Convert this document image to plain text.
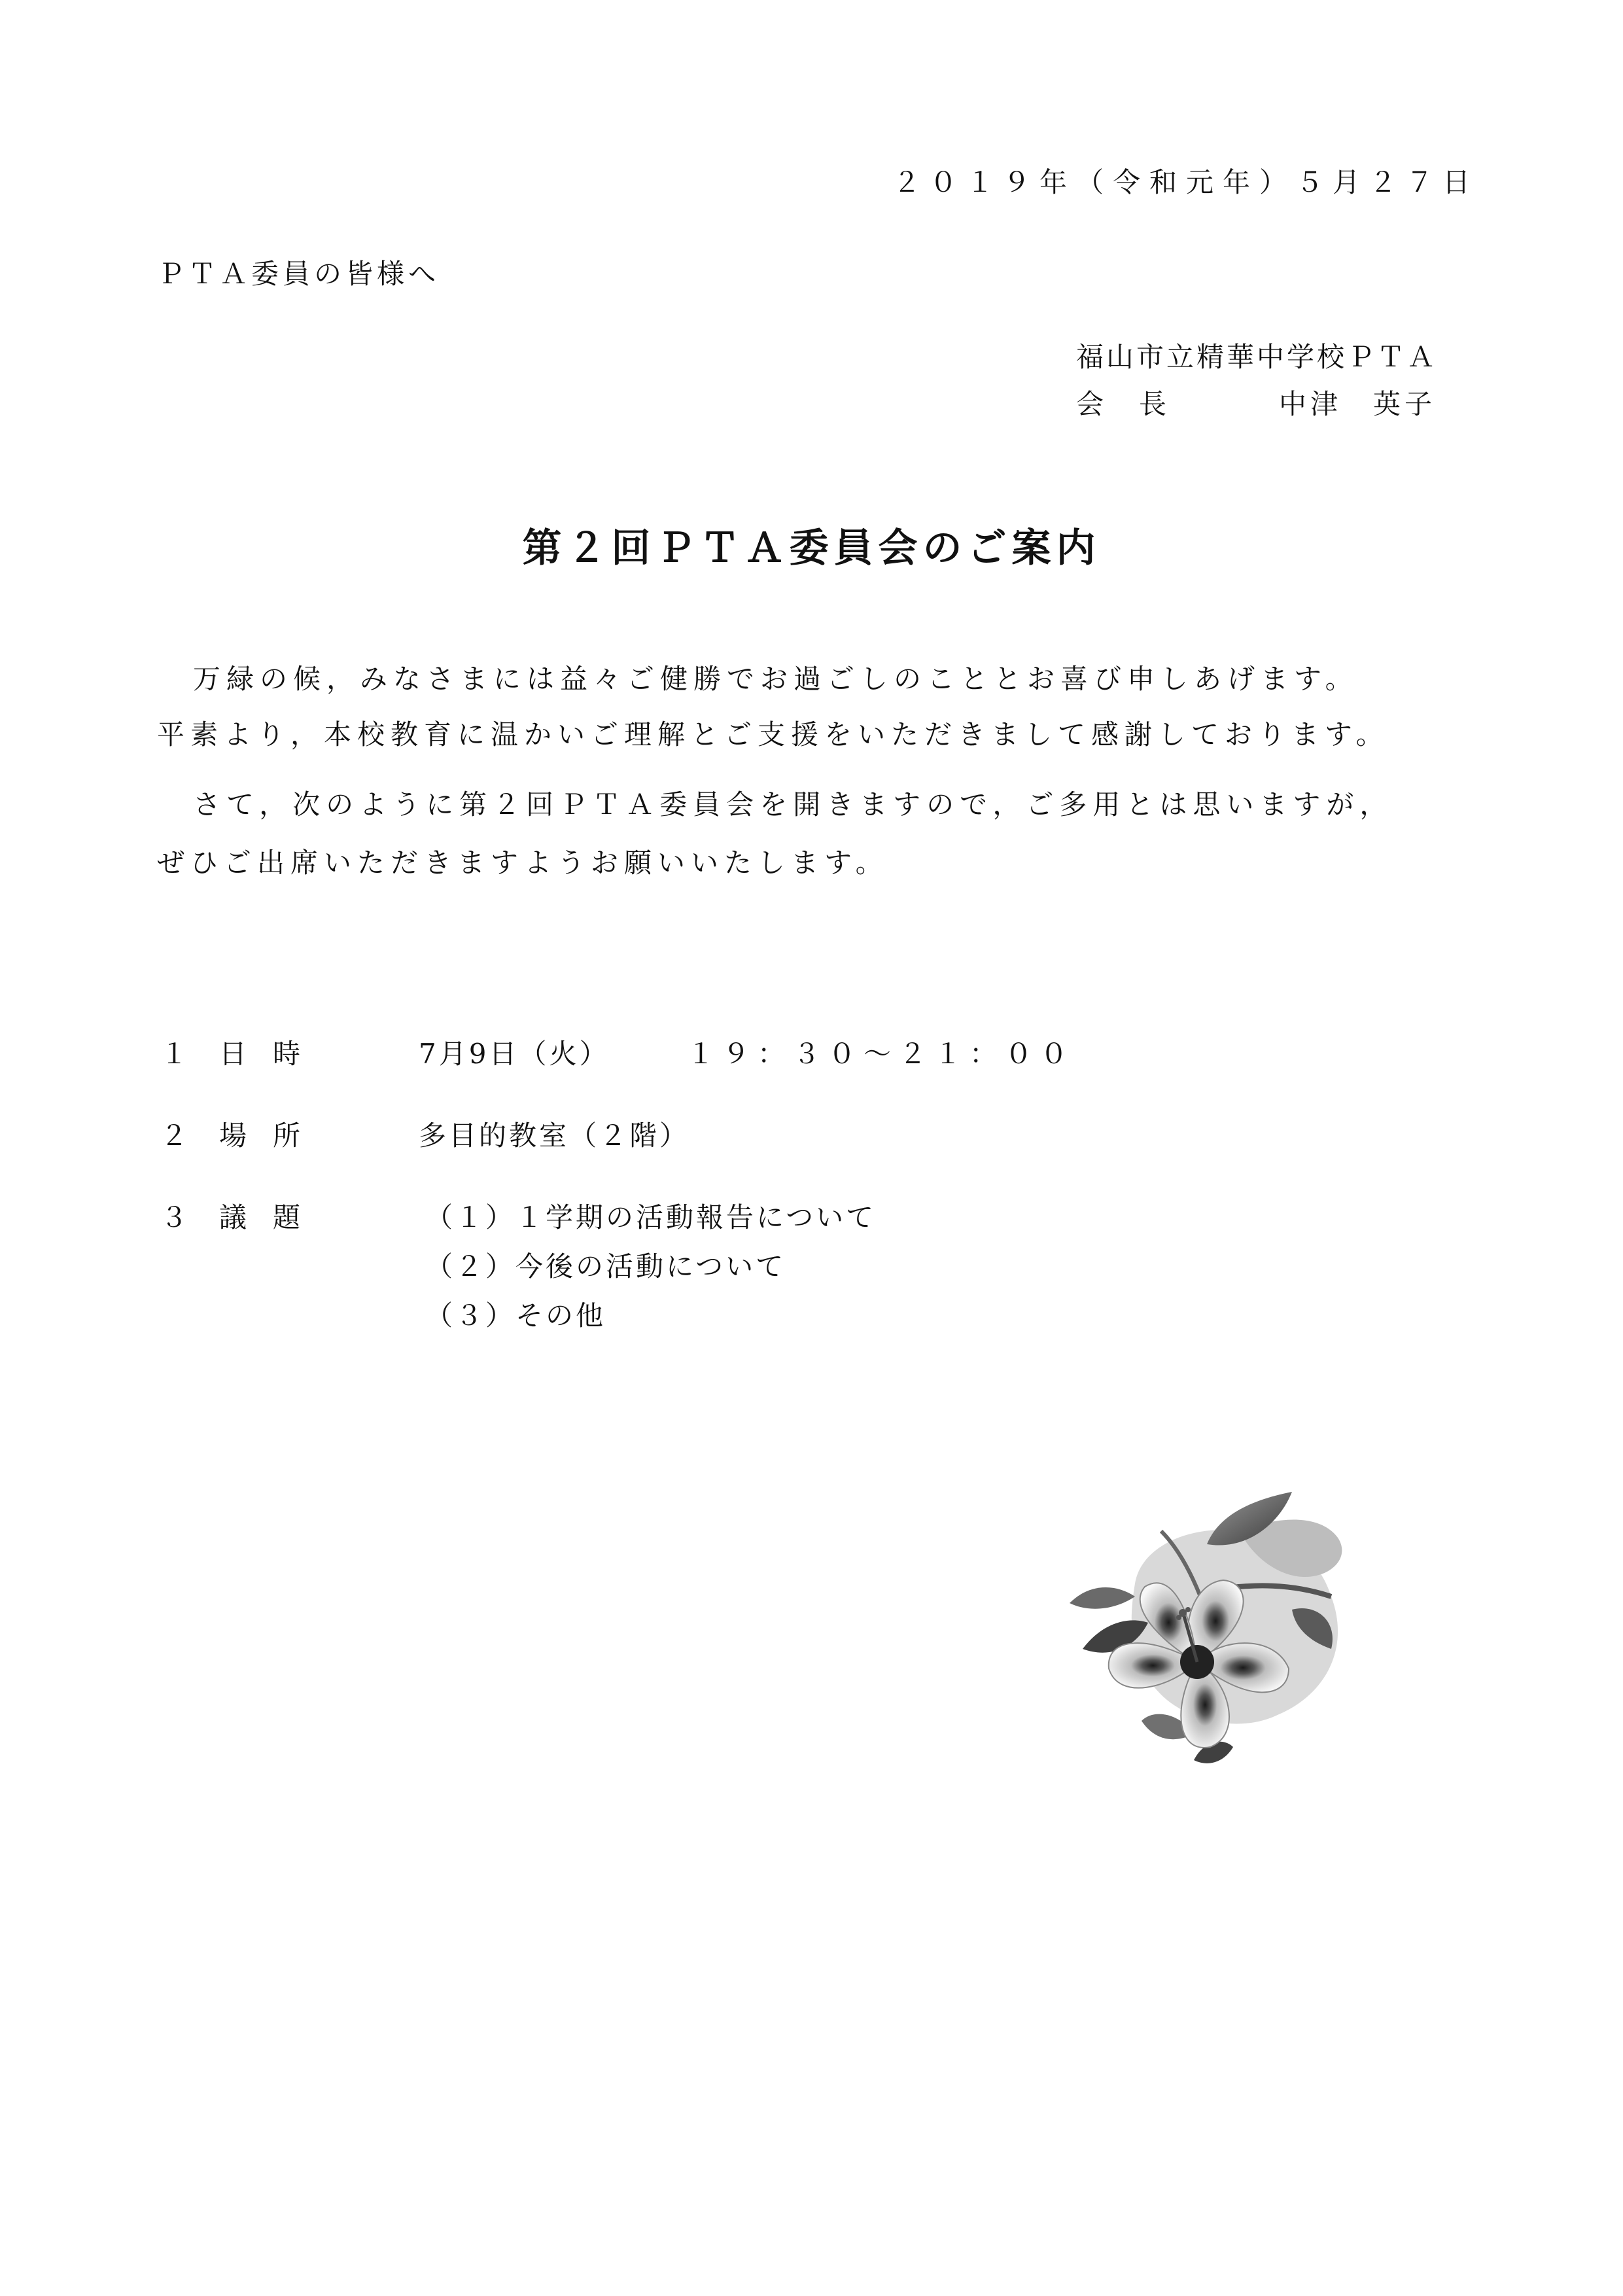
２０１９年（令和元年）５月２７日
ＰＴＡ委員の皆様へ
福山市立精華中学校ＰＴＡ
会　長	中津　英子
第２回ＰＴＡ委員会のご案内
万緑の候，みなさまには益々ご健勝でお過ごしのこととお喜び申しあげます。
平素より，本校教育に温かいご理解とご支援をいただきまして感謝しております。
さて，次のように第２回ＰＴＡ委員会を開きますので，ご多用とは思いますが，
ぜひご出席いただきますようお願いいたします。
１ 日時	7月9日（火）	１９：３０～２１：００
２ 場所	多目的教室（２階）
３ 議題	（１）１学期の活動報告について
（２）今後の活動について
（３）その他
